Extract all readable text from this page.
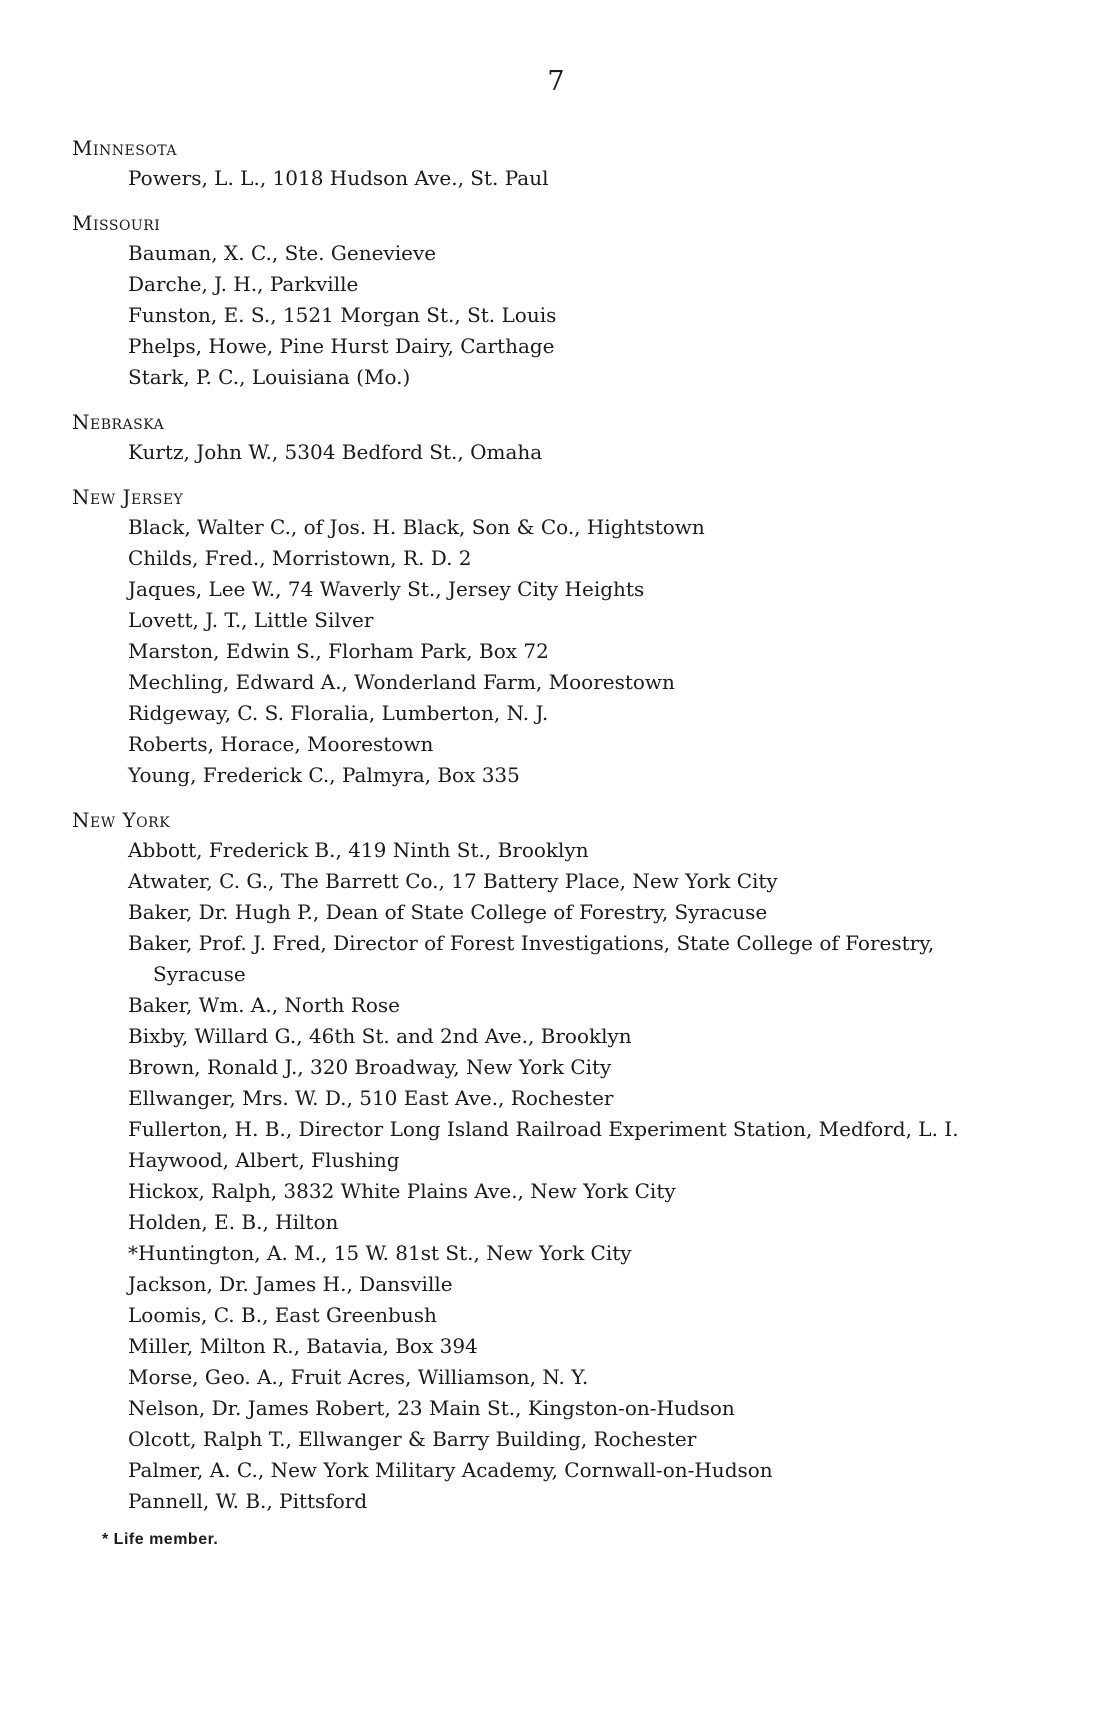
7
Minnesota
Powers, L. L., 1018 Hudson Ave., St. Paul
Missouri
Bauman, X. C., Ste. Genevieve
Darche, J. H., Parkville
Funston, E. S., 1521 Morgan St., St. Louis
Phelps, Howe, Pine Hurst Dairy, Carthage
Stark, P. C., Louisiana (Mo.)
Nebraska
Kurtz, John W., 5304 Bedford St., Omaha
New Jersey
Black, Walter C., of Jos. H. Black, Son & Co., Hightstown
Childs, Fred., Morristown, R. D. 2
Jaques, Lee W., 74 Waverly St., Jersey City Heights
Lovett, J. T., Little Silver
Marston, Edwin S., Florham Park, Box 72
Mechling, Edward A., Wonderland Farm, Moorestown
Ridgeway, C. S. Floralia, Lumberton, N. J.
Roberts, Horace, Moorestown
Young, Frederick C., Palmyra, Box 335
New York
Abbott, Frederick B., 419 Ninth St., Brooklyn
Atwater, C. G., The Barrett Co., 17 Battery Place, New York City
Baker, Dr. Hugh P., Dean of State College of Forestry, Syracuse
Baker, Prof. J. Fred, Director of Forest Investigations, State College of Forestry, Syracuse
Baker, Wm. A., North Rose
Bixby, Willard G., 46th St. and 2nd Ave., Brooklyn
Brown, Ronald J., 320 Broadway, New York City
Ellwanger, Mrs. W. D., 510 East Ave., Rochester
Fullerton, H. B., Director Long Island Railroad Experiment Station, Medford, L. I.
Haywood, Albert, Flushing
Hickox, Ralph, 3832 White Plains Ave., New York City
Holden, E. B., Hilton
*Huntington, A. M., 15 W. 81st St., New York City
Jackson, Dr. James H., Dansville
Loomis, C. B., East Greenbush
Miller, Milton R., Batavia, Box 394
Morse, Geo. A., Fruit Acres, Williamson, N. Y.
Nelson, Dr. James Robert, 23 Main St., Kingston-on-Hudson
Olcott, Ralph T., Ellwanger & Barry Building, Rochester
Palmer, A. C., New York Military Academy, Cornwall-on-Hudson
Pannell, W. B., Pittsford
* Life member.
